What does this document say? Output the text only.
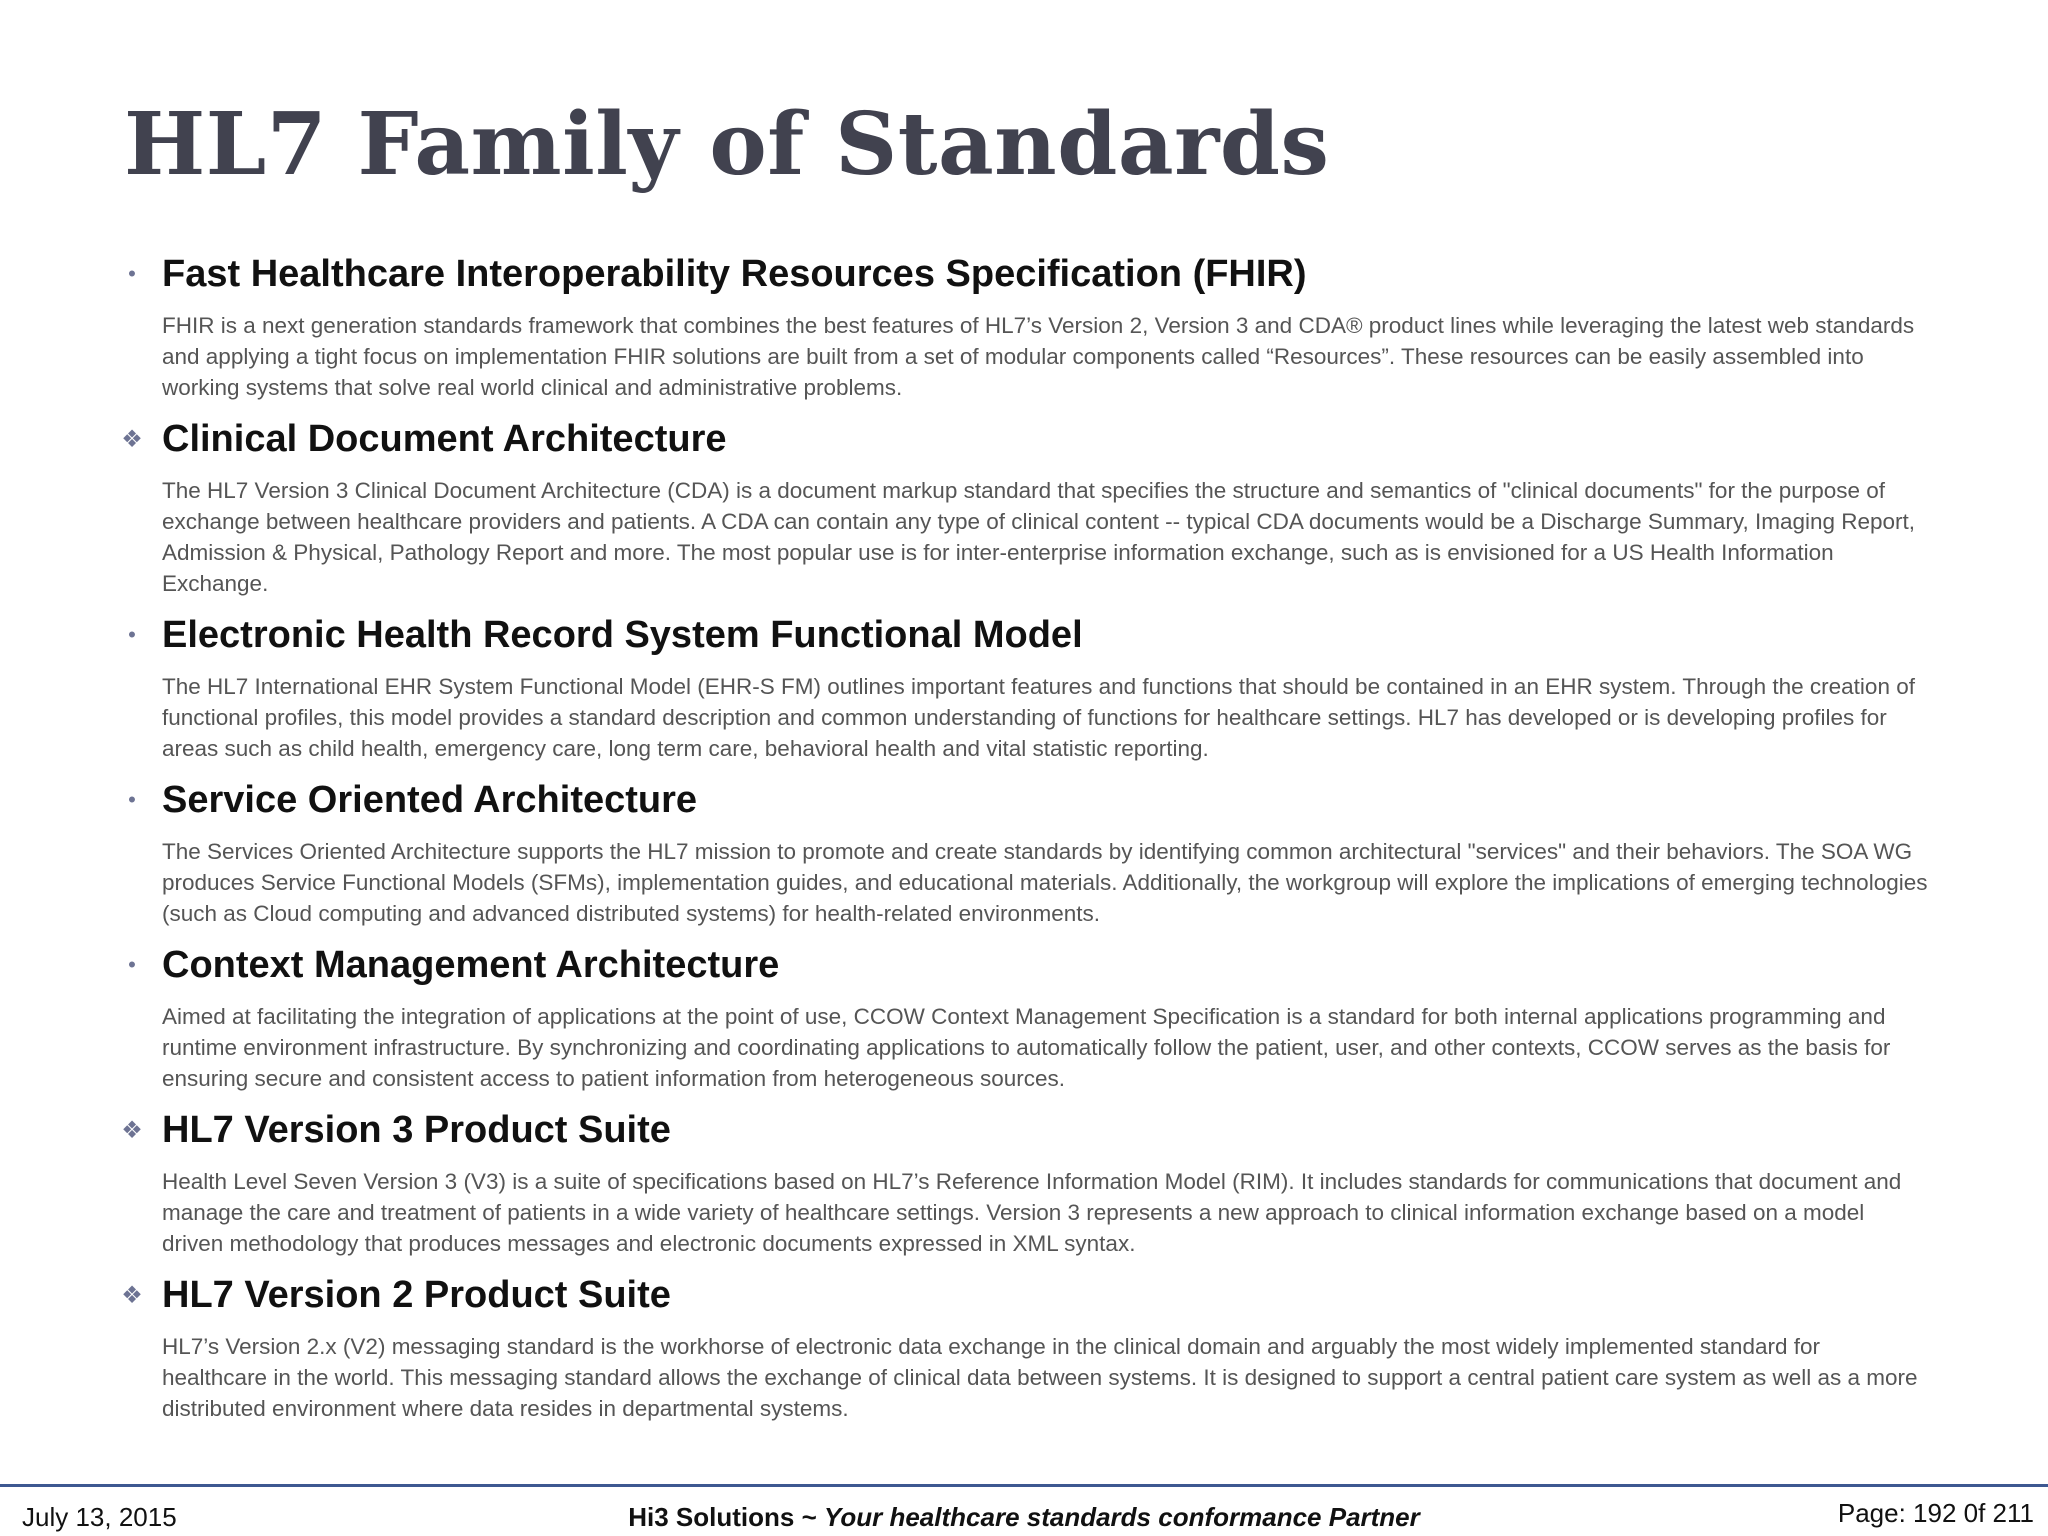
HL7 Family of Standards
• Fast Healthcare Interoperability Resources Specification (FHIR)

FHIR is a next generation standards framework that combines the best features of HL7’s Version 2, Version 3 and CDA® product lines while leveraging the latest web standards and applying a tight focus on implementation FHIR solutions are built from a set of modular components called “Resources”. These resources can be easily assembled into working systems that solve real world clinical and administrative problems.

❖ Clinical Document Architecture

The HL7 Version 3 Clinical Document Architecture (CDA) is a document markup standard that specifies the structure and semantics of "clinical documents" for the purpose of exchange between healthcare providers and patients. A CDA can contain any type of clinical content -- typical CDA documents would be a Discharge Summary, Imaging Report, Admission & Physical, Pathology Report and more. The most popular use is for inter-enterprise information exchange, such as is envisioned for a US Health Information Exchange.

• Electronic Health Record System Functional Model

The HL7 International EHR System Functional Model (EHR-S FM) outlines important features and functions that should be contained in an EHR system. Through the creation of functional profiles, this model provides a standard description and common understanding of functions for healthcare settings. HL7 has developed or is developing profiles for areas such as child health, emergency care, long term care, behavioral health and vital statistic reporting.

• Service Oriented Architecture

The Services Oriented Architecture supports the HL7 mission to promote and create standards by identifying common architectural "services" and their behaviors. The SOA WG produces Service Functional Models (SFMs), implementation guides, and educational materials. Additionally, the workgroup will explore the implications of emerging technologies (such as Cloud computing and advanced distributed systems) for health-related environments.

• Context Management Architecture

Aimed at facilitating the integration of applications at the point of use, CCOW Context Management Specification is a standard for both internal applications programming and runtime environment infrastructure. By synchronizing and coordinating applications to automatically follow the patient, user, and other contexts, CCOW serves as the basis for ensuring secure and consistent access to patient information from heterogeneous sources.

❖ HL7 Version 3 Product Suite

Health Level Seven Version 3 (V3) is a suite of specifications based on HL7’s Reference Information Model (RIM). It includes standards for communications that document and manage the care and treatment of patients in a wide variety of healthcare settings. Version 3 represents a new approach to clinical information exchange based on a model driven methodology that produces messages and electronic documents expressed in XML syntax.

❖ HL7 Version 2 Product Suite

HL7’s Version 2.x (V2) messaging standard is the workhorse of electronic data exchange in the clinical domain and arguably the most widely implemented standard for healthcare in the world. This messaging standard allows the exchange of clinical data between systems. It is designed to support a central patient care system as well as a more distributed environment where data resides in departmental systems.

July 13, 2015	Hi3 Solutions ~ Your healthcare standards conformance Partner	Page: 192 0f 211
